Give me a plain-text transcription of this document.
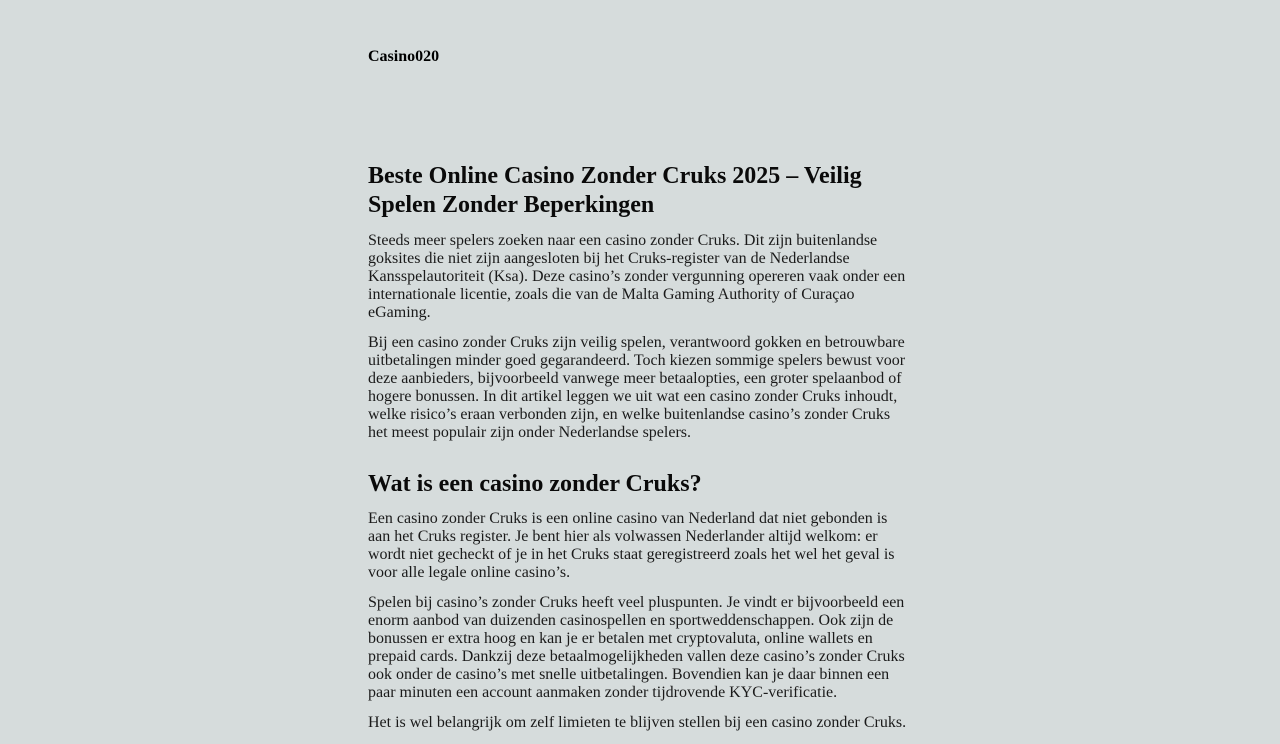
Casino020
Beste Online Casino Zonder Cruks 2025 – Veilig Spelen Zonder Beperkingen

Steeds meer spelers zoeken naar een casino zonder Cruks. Dit zijn buitenlandse goksites die niet zijn aangesloten bij het Cruks-register van de Nederlandse Kansspelautoriteit (Ksa). Deze casino’s zonder vergunning opereren vaak onder een internationale licentie, zoals die van de Malta Gaming Authority of Curaçao eGaming.

Bij een casino zonder Cruks zijn veilig spelen, verantwoord gokken en betrouwbare uitbetalingen minder goed gegarandeerd. Toch kiezen sommige spelers bewust voor deze aanbieders, bijvoorbeeld vanwege meer betaalopties, een groter spelaanbod of hogere bonussen. In dit artikel leggen we uit wat een casino zonder Cruks inhoudt, welke risico’s eraan verbonden zijn, en welke buitenlandse casino’s zonder Cruks het meest populair zijn onder Nederlandse spelers.

Wat is een casino zonder Cruks?

Een casino zonder Cruks is een online casino van Nederland dat niet gebonden is aan het Cruks register. Je bent hier als volwassen Nederlander altijd welkom: er wordt niet gecheckt of je in het Cruks staat geregistreerd zoals het wel het geval is voor alle legale online casino’s.

Spelen bij casino’s zonder Cruks heeft veel pluspunten. Je vindt er bijvoorbeeld een enorm aanbod van duizenden casinospellen en sportweddenschappen. Ook zijn de bonussen er extra hoog en kan je er betalen met cryptovaluta, online wallets en prepaid cards. Dankzij deze betaalmogelijkheden vallen deze casino’s zonder Cruks ook onder de casino’s met snelle uitbetalingen. Bovendien kan je daar binnen een paar minuten een account aanmaken zonder tijdrovende KYC-verificatie.

Het is wel belangrijk om zelf limieten te blijven stellen bij een casino zonder Cruks.
